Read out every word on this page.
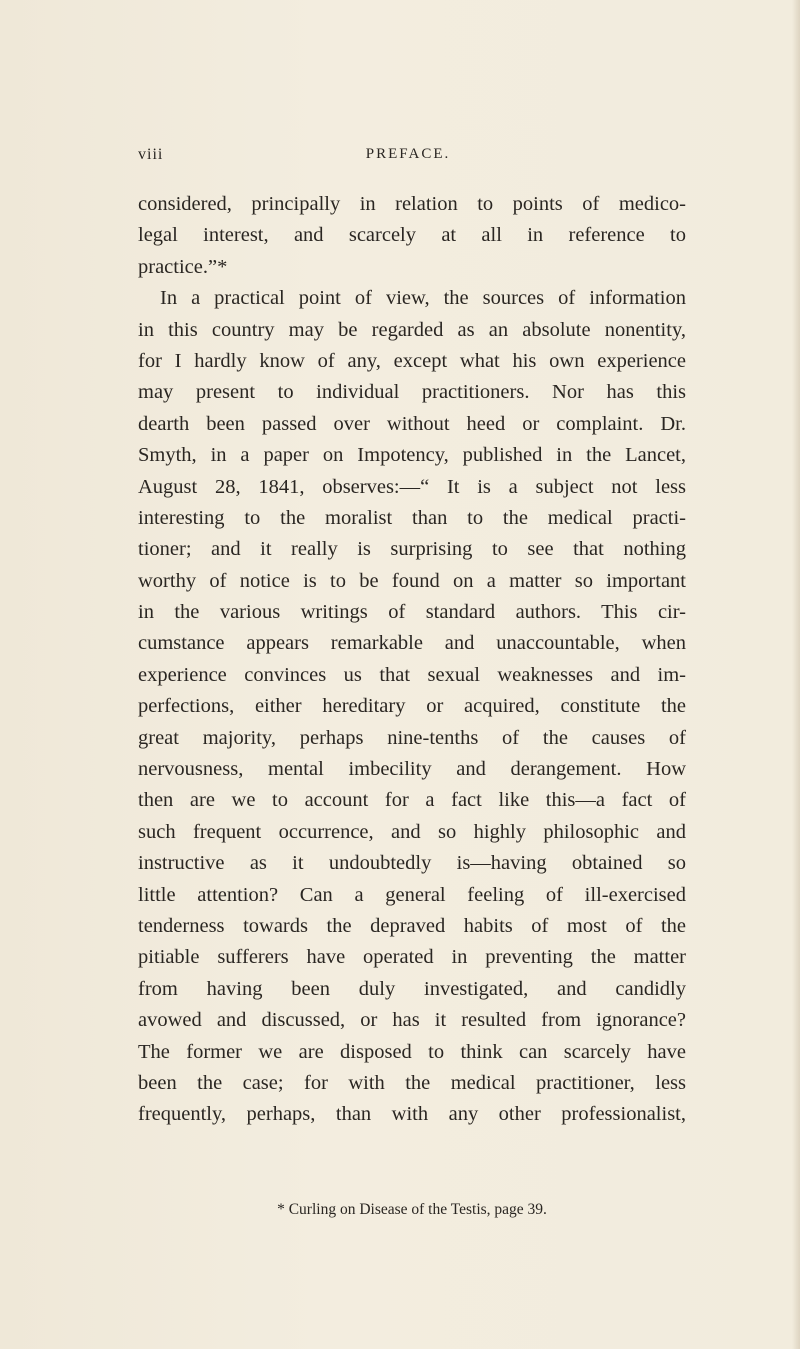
viii	PREFACE.
considered, principally in relation to points of medico-
legal interest, and scarcely at all in reference to
practice.”*
In a practical point of view, the sources of information
in this country may be regarded as an absolute nonentity,
for I hardly know of any, except what his own experience
may present to individual practitioners. Nor has this
dearth been passed over without heed or complaint. Dr.
Smyth, in a paper on Impotency, published in the Lancet,
August 28, 1841, observes:—“ It is a subject not less
interesting to the moralist than to the medical practi-
tioner; and it really is surprising to see that nothing
worthy of notice is to be found on a matter so important
in the various writings of standard authors. This cir-
cumstance appears remarkable and unaccountable, when
experience convinces us that sexual weaknesses and im-
perfections, either hereditary or acquired, constitute the
great majority, perhaps nine-tenths of the causes of
nervousness, mental imbecility and derangement. How
then are we to account for a fact like this—a fact of
such frequent occurrence, and so highly philosophic and
instructive as it undoubtedly is—having obtained so
little attention? Can a general feeling of ill-exercised
tenderness towards the depraved habits of most of the
pitiable sufferers have operated in preventing the matter
from having been duly investigated, and candidly
avowed and discussed, or has it resulted from ignorance?
The former we are disposed to think can scarcely have
been the case; for with the medical practitioner, less
frequently, perhaps, than with any other professionalist,
* Curling on Disease of the Testis, page 39.
